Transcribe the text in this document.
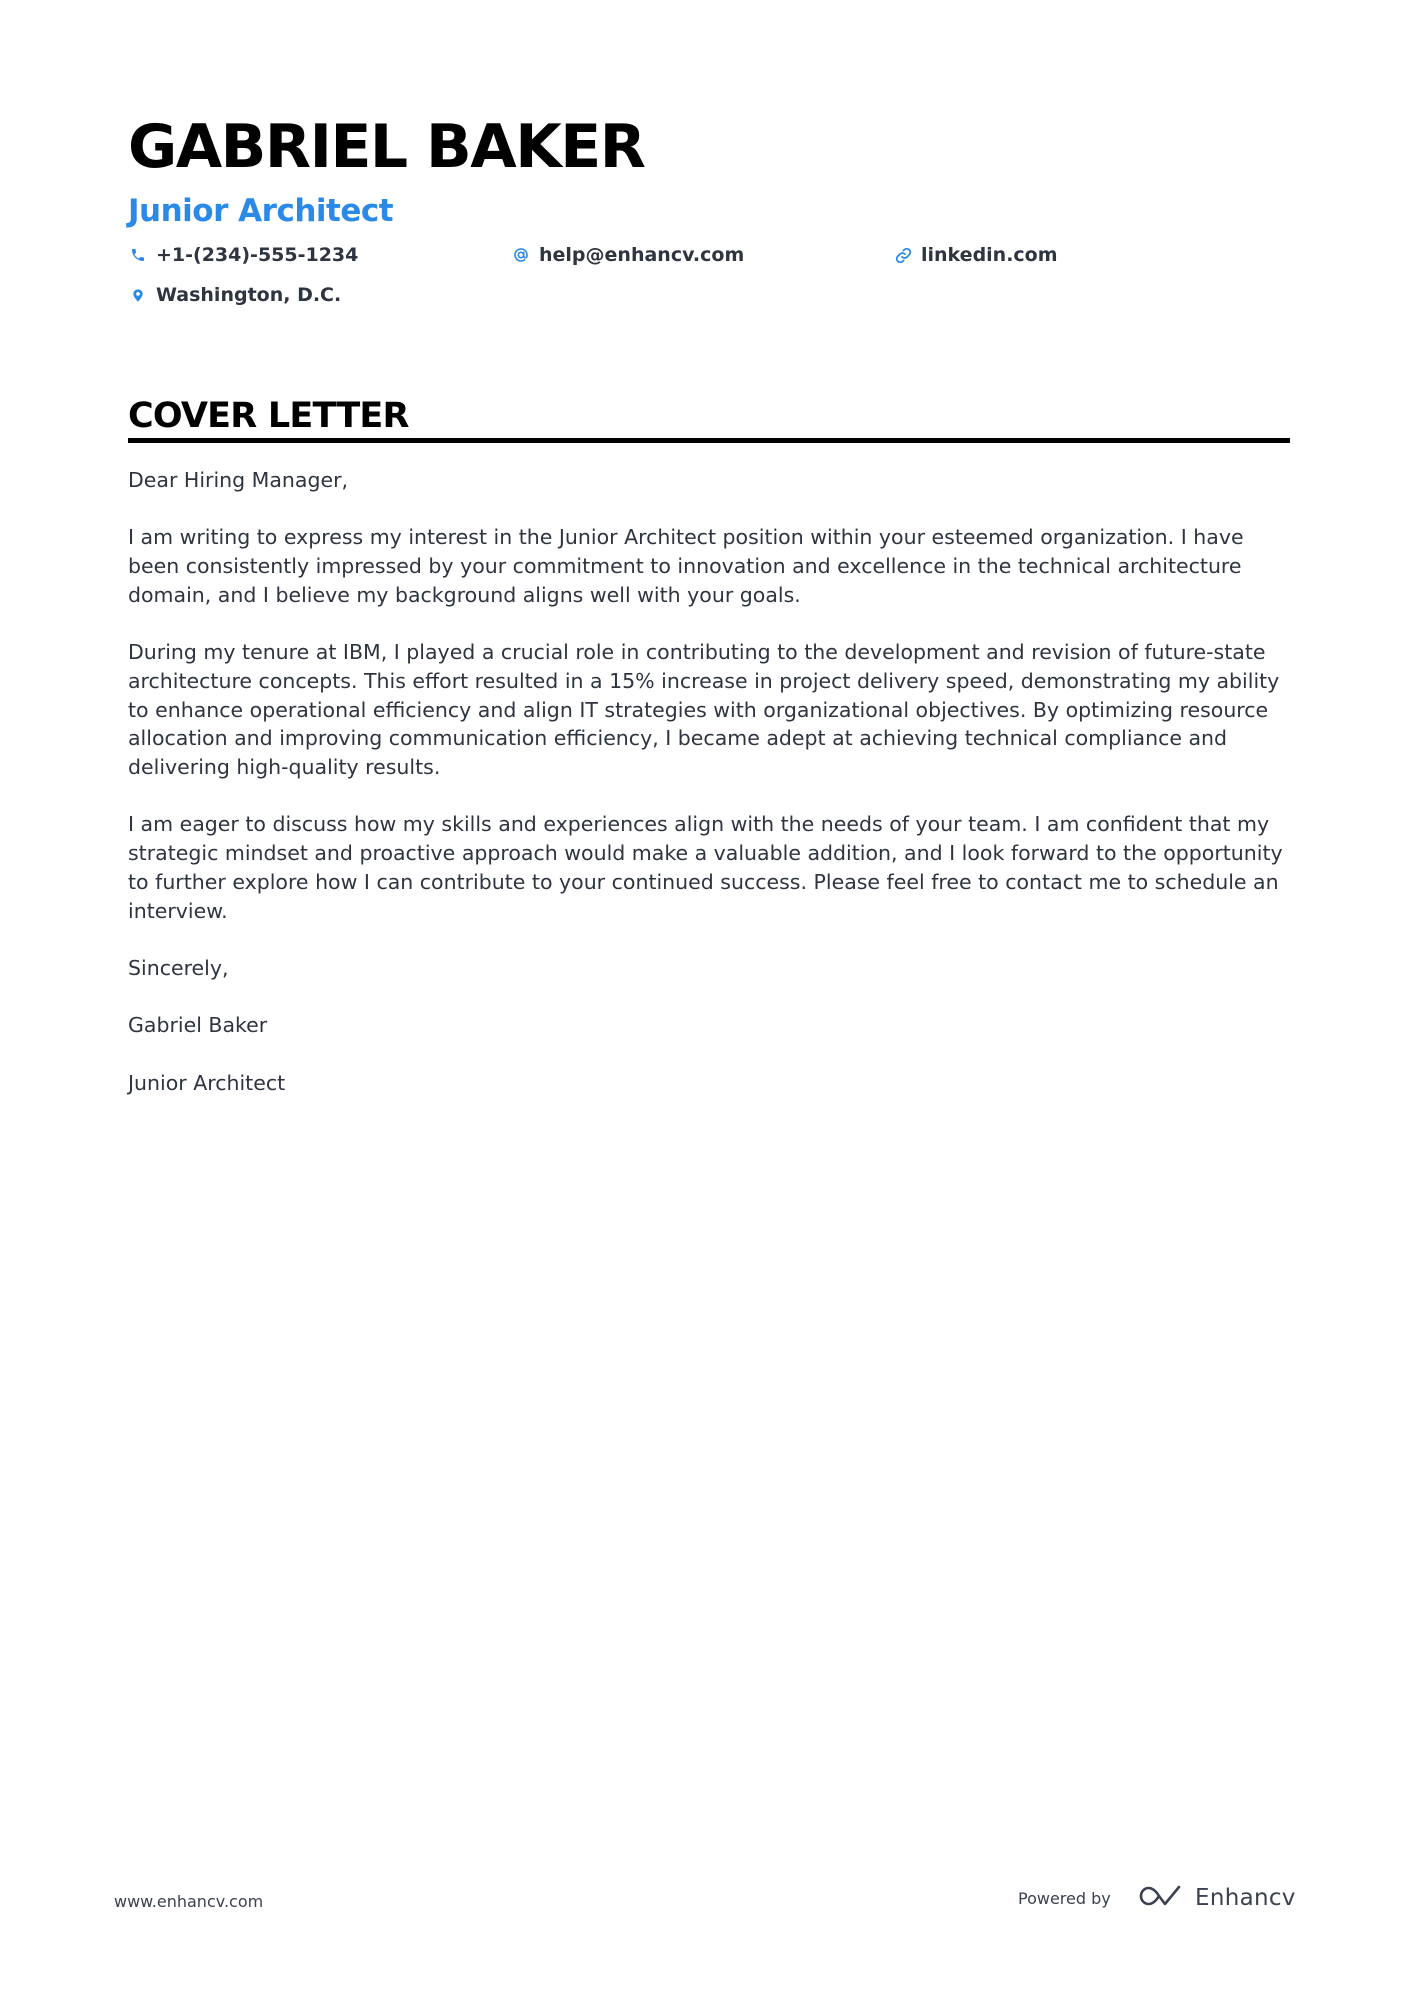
GABRIEL BAKER
Junior Architect
+1-(234)-555-1234	help@enhancv.com	linkedin.com
Washington, D.C.
COVER LETTER

Dear Hiring Manager,

I am writing to express my interest in the Junior Architect position within your esteemed organization. I have been consistently impressed by your commitment to innovation and excellence in the technical architecture domain, and I believe my background aligns well with your goals.

During my tenure at IBM, I played a crucial role in contributing to the development and revision of future-state architecture concepts. This effort resulted in a 15% increase in project delivery speed, demonstrating my ability to enhance operational efficiency and align IT strategies with organizational objectives. By optimizing resource allocation and improving communication efficiency, I became adept at achieving technical compliance and delivering high-quality results.

I am eager to discuss how my skills and experiences align with the needs of your team. I am confident that my strategic mindset and proactive approach would make a valuable addition, and I look forward to the opportunity to further explore how I can contribute to your continued success. Please feel free to contact me to schedule an interview.

Sincerely,

Gabriel Baker

Junior Architect

www.enhancv.com	Powered by	Enhancv
